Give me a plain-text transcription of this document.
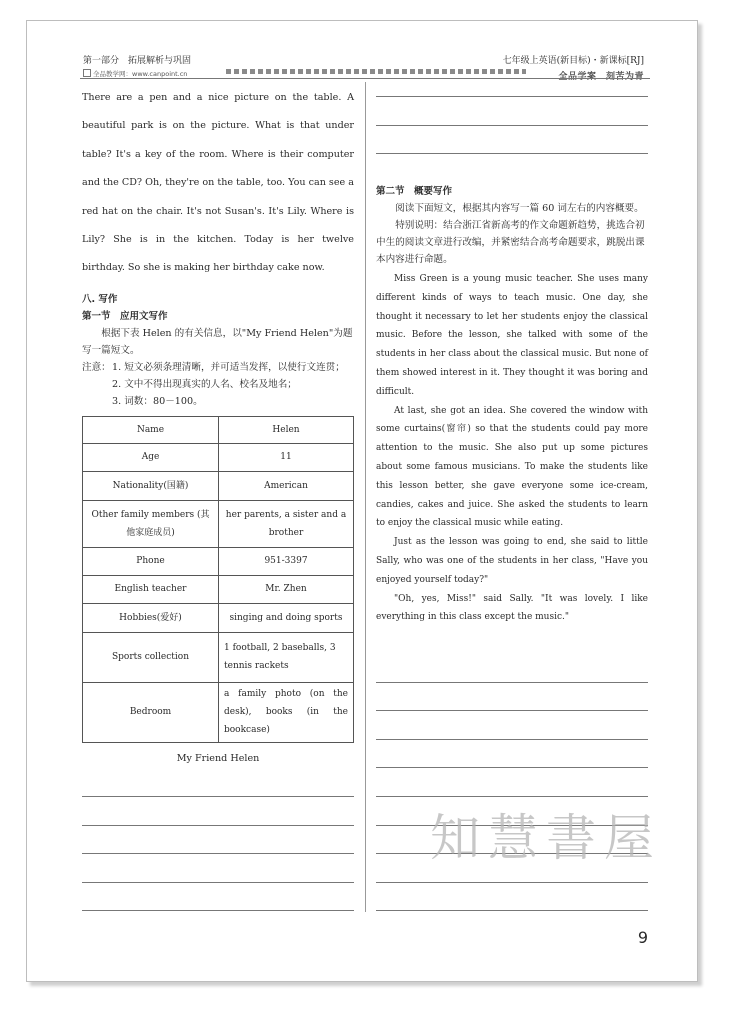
第一部分　拓展解析与巩固
全品教学网：www.canpoint.cn
七年级上英语(新目标)・新课标[RJ]
全品学案　刻苦为青

There are a pen and a nice picture on the table. A beautiful park is on the picture. What is that under table? It's a key of the room. Where is their computer and the CD? Oh, they're on the table, too. You can see a red hat on the chair. It's not Susan's. It's Lily. Where is Lily? She is in the kitchen. Today is her twelve birthday. So she is making her birthday cake now.

八. 写作

第一节　应用文写作

根据下表 Helen 的有关信息，以"My Friend Helen"为题写一篇短文。

注意： 1. 短文必须条理清晰，并可适当发挥，以使行文连贯；

2. 文中不得出现真实的人名、校名及地名；

3. 词数：80－100。

Name	Helen
Age	11
Nationality(国籍)	American
Other family members (其他家庭成员)	her parents, a sister and a brother
Phone	951-3397
English teacher	Mr. Zhen
Hobbies(爱好)	singing and doing sports
Sports collection	1 football, 2 baseballs, 3 tennis rackets
Bedroom	a family photo (on the desk), books (in the bookcase)
My Friend Helen

第二节　概要写作

阅读下面短文，根据其内容写一篇 60 词左右的内容概要。

特别说明：结合浙江省新高考的作文命题新趋势，挑选合初中生的阅读文章进行改编，并紧密结合高考命题要求，跳脱出课本内容进行命题。

Miss Green is a young music teacher. She uses many different kinds of ways to teach music. One day, she thought it necessary to let her students enjoy the classical music. Before the lesson, she talked with some of the students in her class about the classical music. But none of them showed interest in it. They thought it was boring and difficult.

At last, she got an idea. She covered the window with some curtains(窗帘) so that the students could pay more attention to the music. She also put up some pictures about some famous musicians. To make the students like this lesson better, she gave everyone some ice-cream, candies, cakes and juice. She asked the students to learn to enjoy the classical music while eating.

Just as the lesson was going to end, she said to little Sally, who was one of the students in her class, "Have you enjoyed yourself today?"

"Oh, yes, Miss!" said Sally. "It was lovely. I like everything in this class except the music."

知慧書屋
9
